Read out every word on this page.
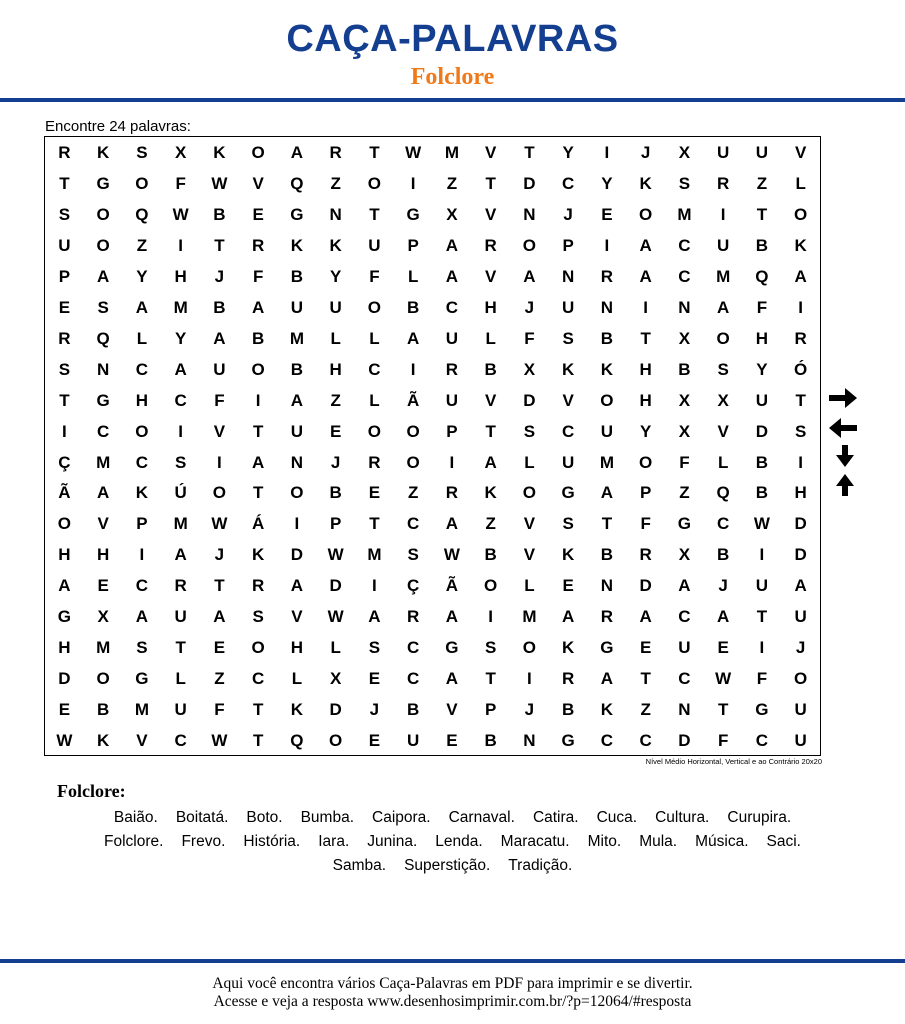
CAÇA-PALAVRAS
Folclore
Encontre 24 palavras:
R	K	S	X	K	O	A	R	T	W	M	V	T	Y	I	J	X	U	U	V
T	G	O	F	W	V	Q	Z	O	I	Z	T	D	C	Y	K	S	R	Z	L
S	O	Q	W	B	E	G	N	T	G	X	V	N	J	E	O	M	I	T	O
U	O	Z	I	T	R	K	K	U	P	A	R	O	P	I	A	C	U	B	K
P	A	Y	H	J	F	B	Y	F	L	A	V	A	N	R	A	C	M	Q	A
E	S	A	M	B	A	U	U	O	B	C	H	J	U	N	I	N	A	F	I
R	Q	L	Y	A	B	M	L	L	A	U	L	F	S	B	T	X	O	H	R
S	N	C	A	U	O	B	H	C	I	R	B	X	K	K	H	B	S	Y	Ó
T	G	H	C	F	I	A	Z	L	Ã	U	V	D	V	O	H	X	X	U	T
I	C	O	I	V	T	U	E	O	O	P	T	S	C	U	Y	X	V	D	S
Ç	M	C	S	I	A	N	J	R	O	I	A	L	U	M	O	F	L	B	I
Ã	A	K	Ú	O	T	O	B	E	Z	R	K	O	G	A	P	Z	Q	B	H
O	V	P	M	W	Á	I	P	T	C	A	Z	V	S	T	F	G	C	W	D
H	H	I	A	J	K	D	W	M	S	W	B	V	K	B	R	X	B	I	D
A	E	C	R	T	R	A	D	I	Ç	Ã	O	L	E	N	D	A	J	U	A
G	X	A	U	A	S	V	W	A	R	A	I	M	A	R	A	C	A	T	U
H	M	S	T	E	O	H	L	S	C	G	S	O	K	G	E	U	E	I	J
D	O	G	L	Z	C	L	X	E	C	A	T	I	R	A	T	C	W	F	O
E	B	M	U	F	T	K	D	J	B	V	P	J	B	K	Z	N	T	G	U
W	K	V	C	W	T	Q	O	E	U	E	B	N	G	C	C	D	F	C	U
Nível Médio Horizontal, Vertical e ao Contrário 20x20
Folclore:
Baião. Boitatá. Boto. Bumba. Caipora. Carnaval. Catira. Cuca. Cultura. Curupira.
Folclore. Frevo. História. Iara. Junina. Lenda. Maracatu. Mito. Mula. Música. Saci.
Samba. Superstição. Tradição.
Aqui você encontra vários Caça-Palavras em PDF para imprimir e se divertir.
Acesse e veja a resposta www.desenhosimprimir.com.br/?p=12064/#resposta
